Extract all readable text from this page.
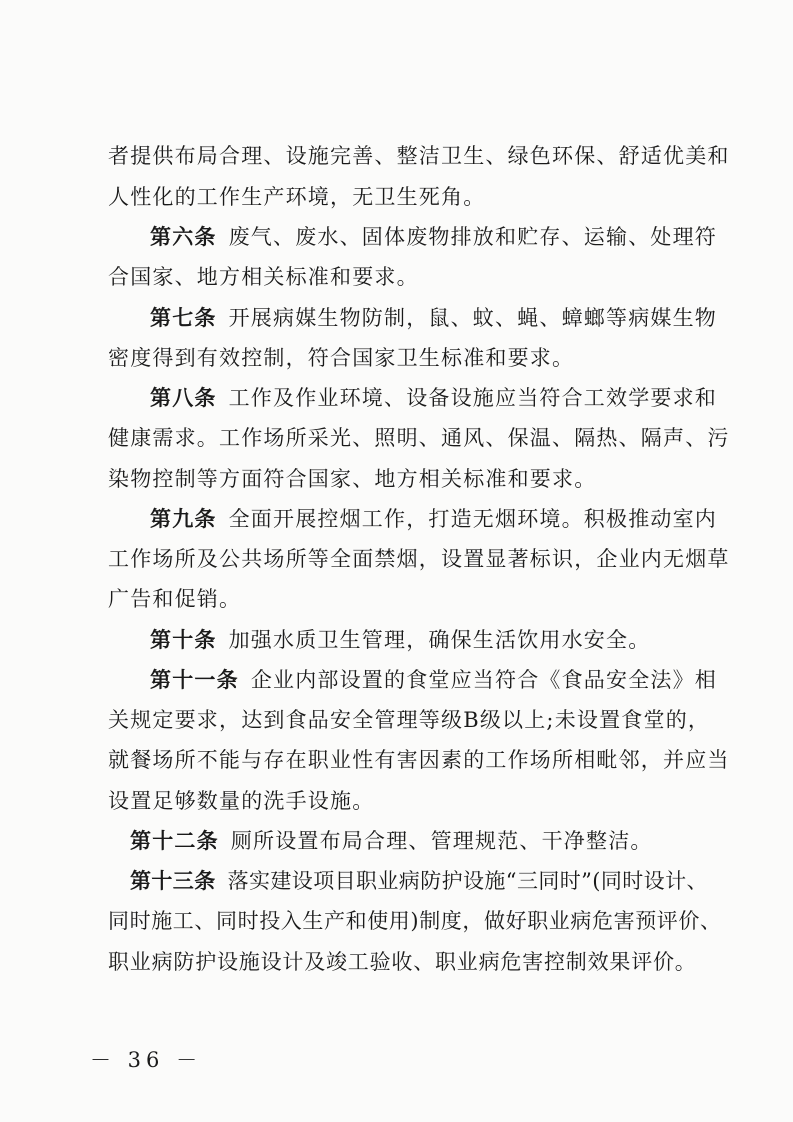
者提供布局合理、设施完善、整洁卫生、绿色环保、舒适优美和
人性化的工作生产环境，无卫生死角。
第六条 废气、废水、固体废物排放和贮存、运输、处理符
合国家、地方相关标准和要求。
第七条 开展病媒生物防制，鼠、蚊、蝇、蟑螂等病媒生物
密度得到有效控制，符合国家卫生标准和要求。
第八条 工作及作业环境、设备设施应当符合工效学要求和
健康需求。工作场所采光、照明、通风、保温、隔热、隔声、污
染物控制等方面符合国家、地方相关标准和要求。
第九条 全面开展控烟工作，打造无烟环境。积极推动室内
工作场所及公共场所等全面禁烟，设置显著标识，企业内无烟草
广告和促销。
第十条 加强水质卫生管理，确保生活饮用水安全。
第十一条 企业内部设置的食堂应当符合《食品安全法》相
关规定要求，达到食品安全管理等级B级以上;未设置食堂的，
就餐场所不能与存在职业性有害因素的工作场所相毗邻，并应当
设置足够数量的洗手设施。
第十二条 厕所设置布局合理、管理规范、干净整洁。
第十三条 落实建设项目职业病防护设施“三同时”(同时设计、
同时施工、同时投入生产和使用)制度，做好职业病危害预评价、
职业病防护设施设计及竣工验收、职业病危害控制效果评价。
－ 36 －
